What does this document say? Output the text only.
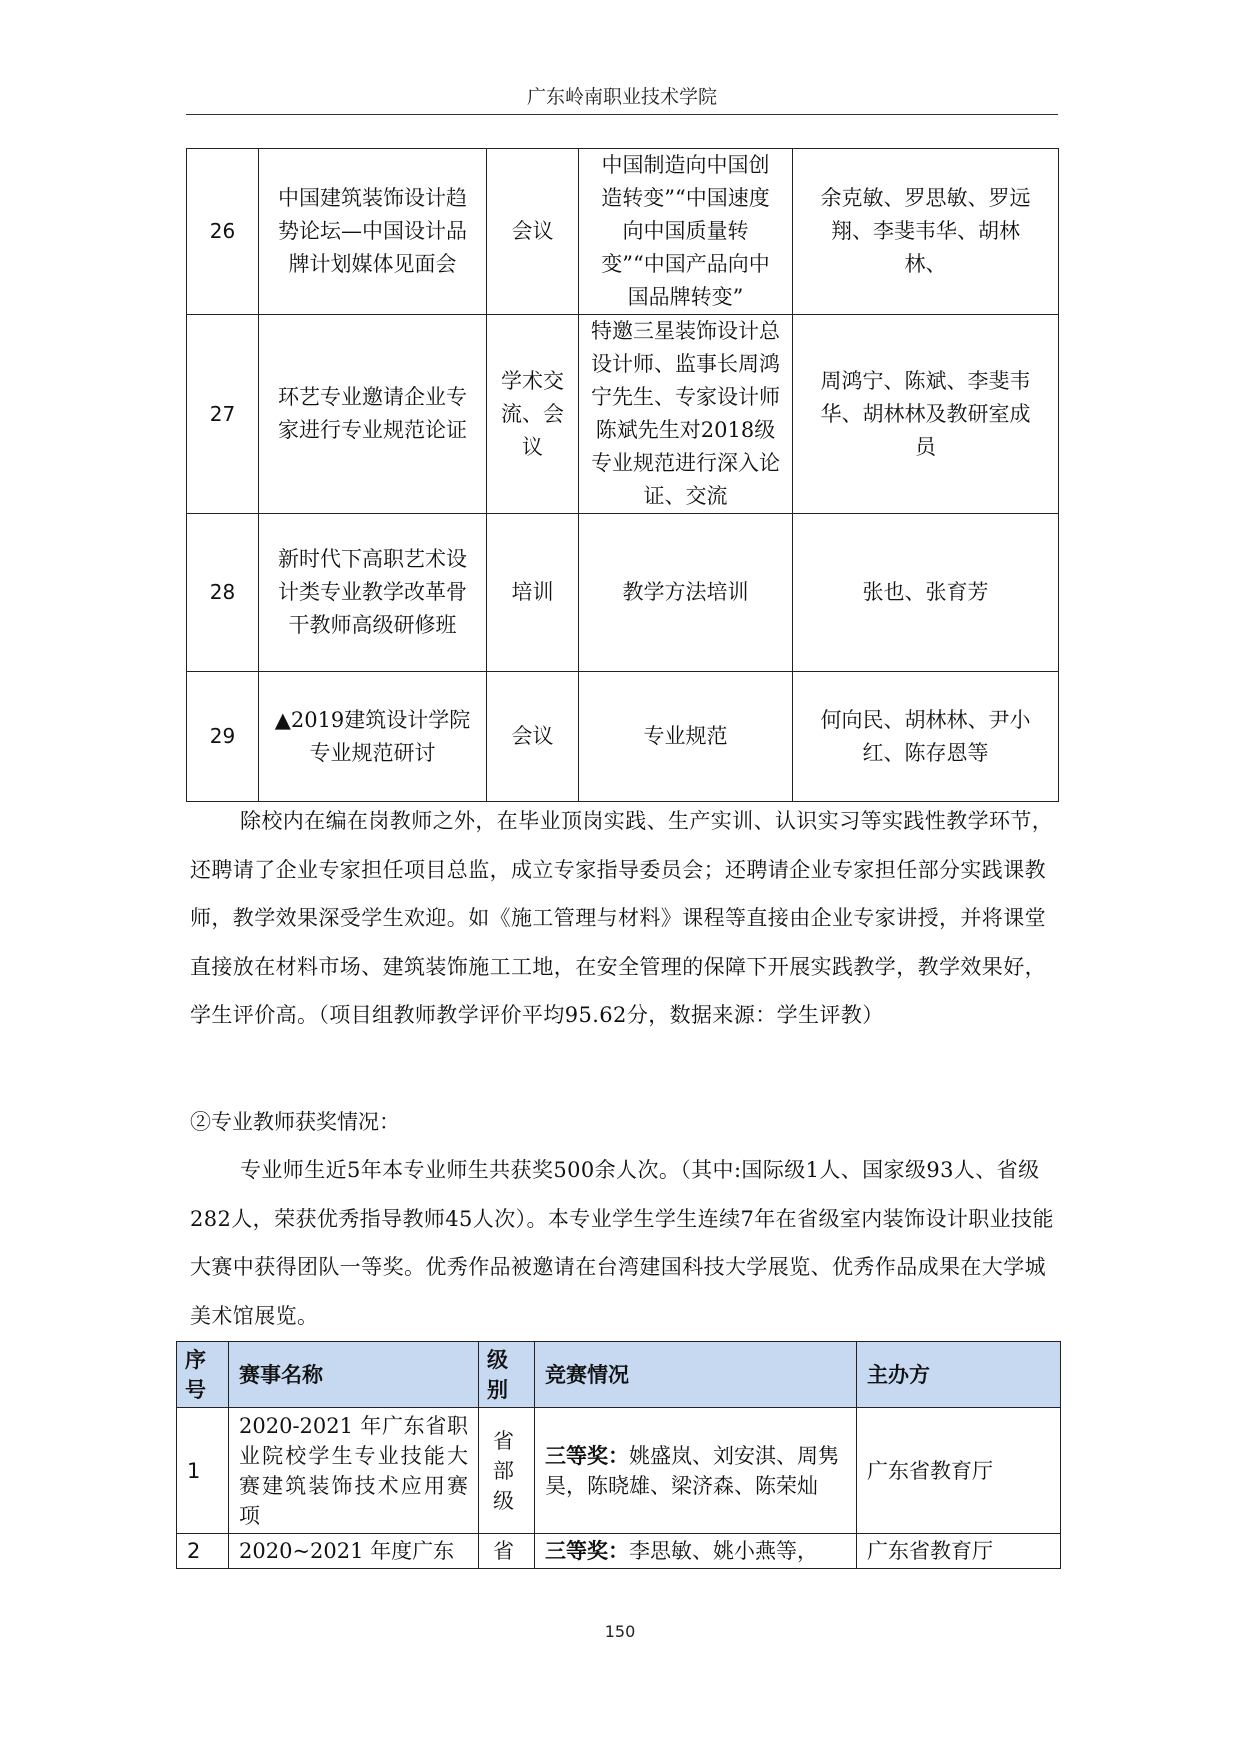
广东岭南职业技术学院
26	中国建筑装饰设计趋势论坛—中国设计品牌计划媒体见面会	会议	中国制造向中国创造转变”“中国速度向中国质量转变”“中国产品向中国品牌转变”	余克敏、罗思敏、罗远翔、李斐韦华、胡林林、

27	环艺专业邀请企业专家进行专业规范论证	学术交流、会议	特邀三星装饰设计总设计师、监事长周鸿宁先生、专家设计师陈斌先生对2018级专业规范进行深入论证、交流	周鸿宁、陈斌、李斐韦华、胡林林及教研室成员

28	新时代下高职艺术设计类专业教学改革骨干教师高级研修班	培训	教学方法培训	张也、张育芳
29	▲2019建筑设计学院专业规范研讨	会议	专业规范	何向民、胡林林、尹小红、陈存恩等

除校内在编在岗教师之外，在毕业顶岗实践、生产实训、认识实习等实践性教学环节，还聘请了企业专家担任项目总监，成立专家指导委员会；还聘请企业专家担任部分实践课教师，教学效果深受学生欢迎。如《施工管理与材料》课程等直接由企业专家讲授，并将课堂直接放在材料市场、建筑装饰施工工地，在安全管理的保障下开展实践教学，教学效果好，学生评价高。（项目组教师教学评价平均95.62分，数据来源：学生评教）

②专业教师获奖情况：

专业师生近5年本专业师生共获奖500余人次。（其中:国际级1人、国家级93人、省级282人，荣获优秀指导教师45人次）。本专业学生学生连续7年在省级室内装饰设计职业技能大赛中获得团队一等奖。优秀作品被邀请在台湾建国科技大学展览、优秀作品成果在大学城美术馆展览。

序号	赛事名称	级别	竞赛情况	主办方
1	2020-2021 年广东省职业院校学生专业技能大赛建筑装饰技术应用赛项	省部级	三等奖：姚盛岚、刘安淇、周隽昊，陈晓雄、梁济森、陈荣灿	广东省教育厅
2	2020~2021 年度广东	省	三等奖：李思敏、姚小燕等，	广东省教育厅
150
